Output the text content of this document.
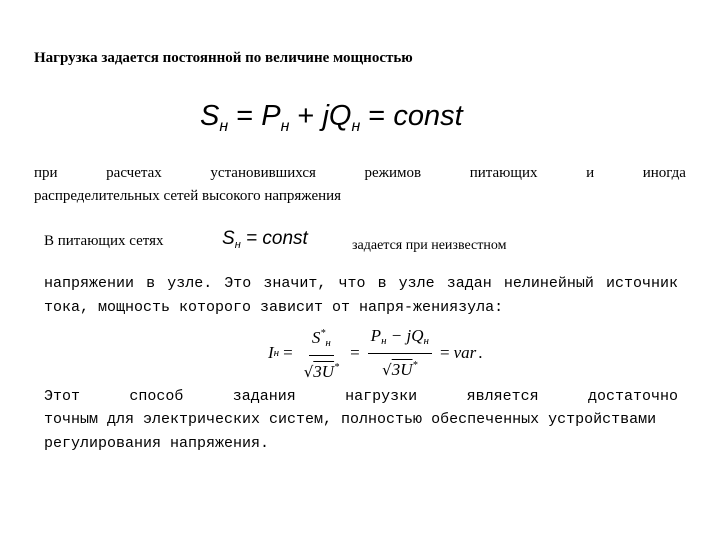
Нагрузка задается постоянной по величине мощностью
$S_н = P_н + jQ_н$ = const
при	расчетах	установившихся	режимов	питающих	и	иногда
распределительных сетей высокого напряжения
В питающих сетях	$S_н$ = const	задается при неизвестном
напряжении в узле. Это значит, что в узле задан нелинейный источник
тока, мощность которого зависит от напря-жениязула:
I $н = \frac{S^*_н}{√3U^*} = \frac{P_н - jQ_н}{√3U^*}$ = var .
Этот	способ	задания	нагрузки	является	достаточно
точным для электрических систем, полностью обеспеченных устройствами
регулирования напряжения.
